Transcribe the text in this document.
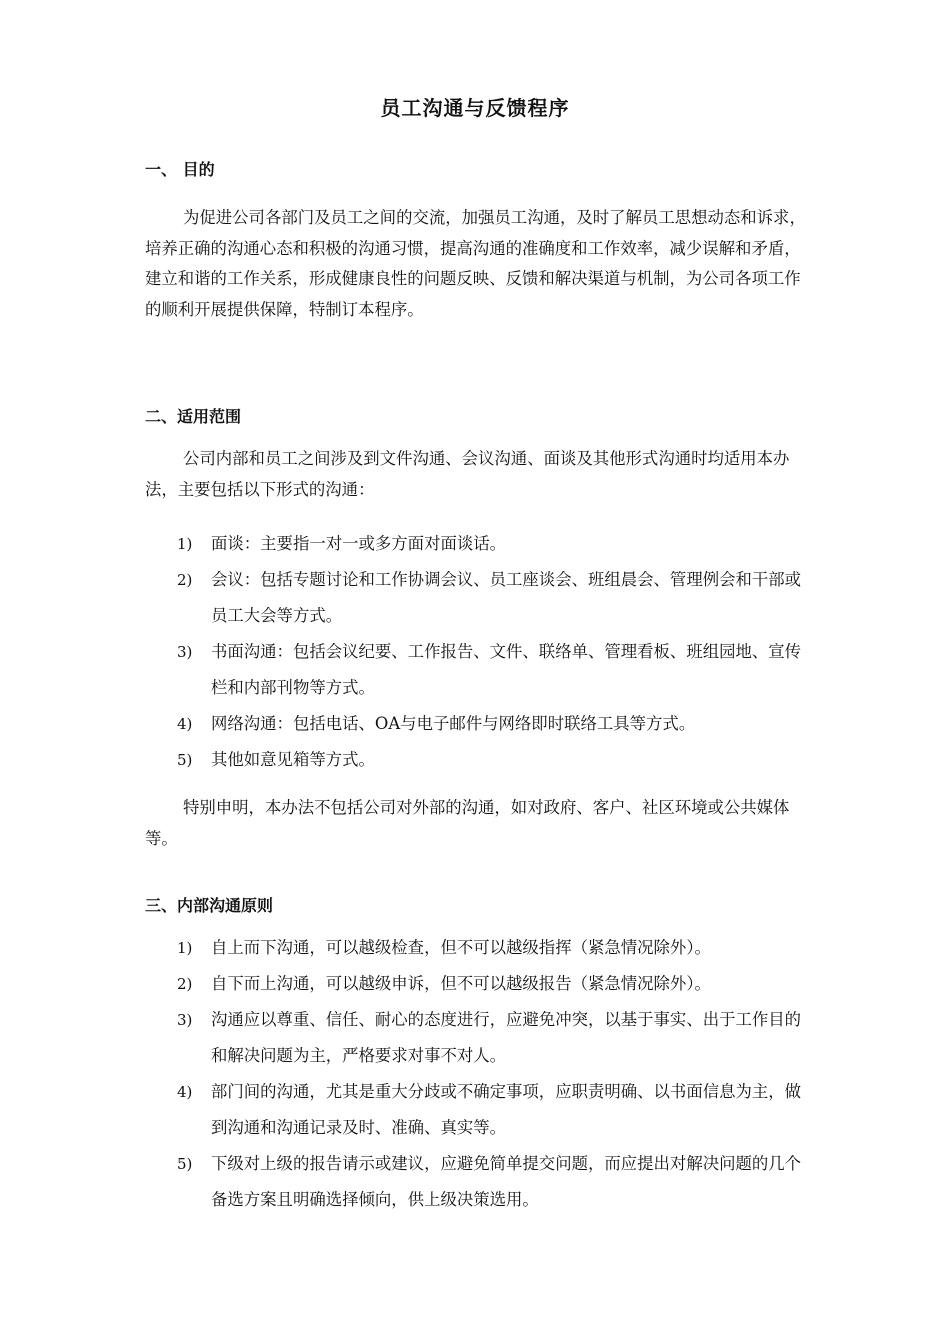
员工沟通与反馈程序
一、 目的

为促进公司各部门及员工之间的交流，加强员工沟通，及时了解员工思想动态和诉求，培养正确的沟通心态和积极的沟通习惯，提高沟通的准确度和工作效率，减少误解和矛盾，建立和谐的工作关系，形成健康良性的问题反映、反馈和解决渠道与机制，为公司各项工作的顺利开展提供保障，特制订本程序。

二、适用范围

公司内部和员工之间涉及到文件沟通、会议沟通、面谈及其他形式沟通时均适用本办法，主要包括以下形式的沟通：

1) 面谈：主要指一对一或多方面对面谈话。
2) 会议：包括专题讨论和工作协调会议、员工座谈会、班组晨会、管理例会和干部或员工大会等方式。
3) 书面沟通：包括会议纪要、工作报告、文件、联络单、管理看板、班组园地、宣传栏和内部刊物等方式。
4) 网络沟通：包括电话、OA与电子邮件与网络即时联络工具等方式。
5) 其他如意见箱等方式。

特别申明，本办法不包括公司对外部的沟通，如对政府、客户、社区环境或公共媒体等。

三、内部沟通原则
1) 自上而下沟通，可以越级检查，但不可以越级指挥（紧急情况除外）。
2) 自下而上沟通，可以越级申诉，但不可以越级报告（紧急情况除外）。
3) 沟通应以尊重、信任、耐心的态度进行，应避免冲突，以基于事实、出于工作目的和解决问题为主，严格要求对事不对人。
4) 部门间的沟通，尤其是重大分歧或不确定事项，应职责明确、以书面信息为主，做到沟通和沟通记录及时、准确、真实等。
5) 下级对上级的报告请示或建议，应避免简单提交问题，而应提出对解决问题的几个备选方案且明确选择倾向，供上级决策选用。
